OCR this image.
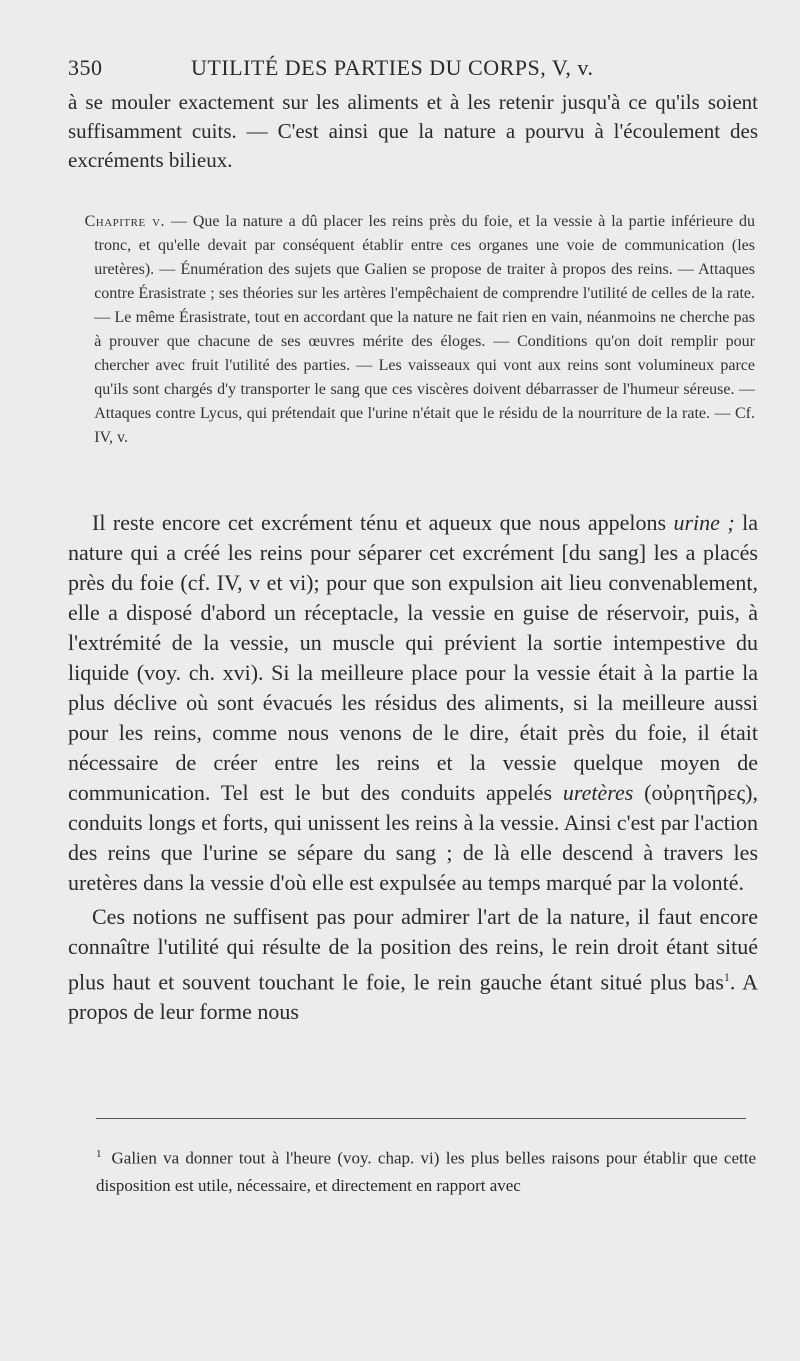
350	UTILITÉ DES PARTIES DU CORPS, V, v.
à se mouler exactement sur les aliments et à les retenir jusqu'à ce qu'ils soient suffisamment cuits. — C'est ainsi que la nature a pourvu à l'écoulement des excréments bilieux.

Chapitre v. — Que la nature a dû placer les reins près du foie, et la vessie à la partie inférieure du tronc, et qu'elle devait par conséquent établir entre ces organes une voie de communication (les uretères). — Énumération des sujets que Galien se propose de traiter à propos des reins. — Attaques contre Érasistrate ; ses théories sur les artères l'empêchaient de comprendre l'utilité de celles de la rate. — Le même Érasistrate, tout en accordant que la nature ne fait rien en vain, néanmoins ne cherche pas à prouver que chacune de ses œuvres mérite des éloges. — Conditions qu'on doit remplir pour chercher avec fruit l'utilité des parties. — Les vaisseaux qui vont aux reins sont volumineux parce qu'ils sont chargés d'y transporter le sang que ces viscères doivent débarrasser de l'humeur séreuse. — Attaques contre Lycus, qui prétendait que l'urine n'était que le résidu de la nourriture de la rate. — Cf. IV, v.

Il reste encore cet excrément ténu et aqueux que nous appelons urine ; la nature qui a créé les reins pour séparer cet excrément [du sang] les a placés près du foie (cf. IV, v et vi); pour que son expulsion ait lieu convenablement, elle a disposé d'abord un réceptacle, la vessie en guise de réservoir, puis, à l'extrémité de la vessie, un muscle qui prévient la sortie intempestive du liquide (voy. ch. xvi). Si la meilleure place pour la vessie était à la partie la plus déclive où sont évacués les résidus des aliments, si la meilleure aussi pour les reins, comme nous venons de le dire, était près du foie, il était nécessaire de créer entre les reins et la vessie quelque moyen de communication. Tel est le but des conduits appelés uretères (οὐρητῆρες), conduits longs et forts, qui unissent les reins à la vessie. Ainsi c'est par l'action des reins que l'urine se sépare du sang ; de là elle descend à travers les uretères dans la vessie d'où elle est expulsée au temps marqué par la volonté.

Ces notions ne suffisent pas pour admirer l'art de la nature, il faut encore connaître l'utilité qui résulte de la position des reins, le rein droit étant situé plus haut et souvent touchant le foie, le rein gauche étant situé plus bas$^1$. A propos de leur forme nous

$^1$ Galien va donner tout à l'heure (voy. chap. vi) les plus belles raisons pour établir que cette disposition est utile, nécessaire, et directement en rapport avec
